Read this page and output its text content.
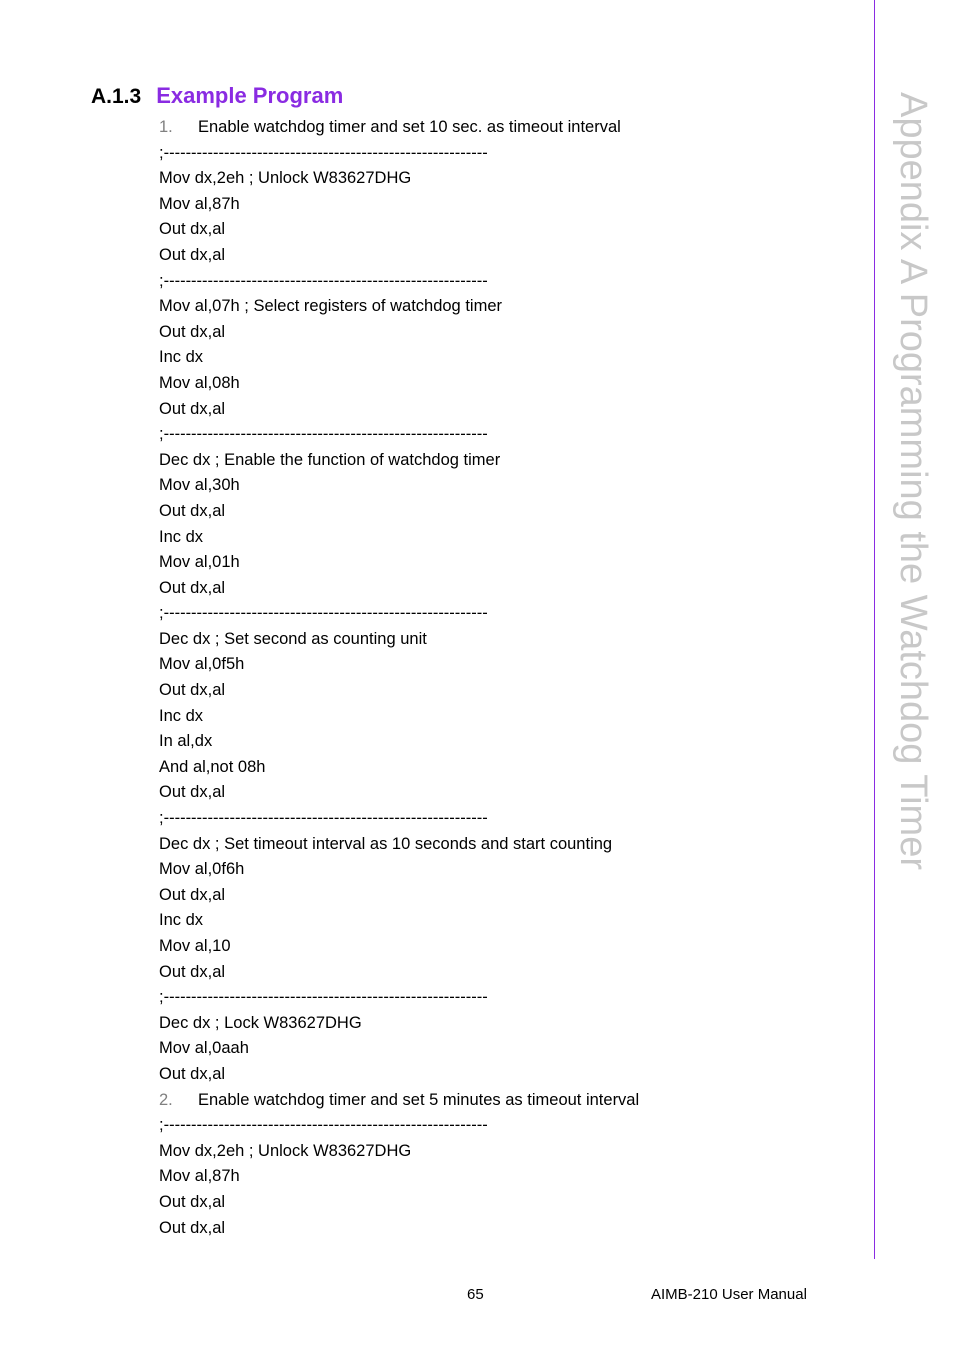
A.1.3 Example Program
1.	Enable watchdog timer and set 10 sec. as timeout interval
;-----------------------------------------------------------
Mov dx,2eh ; Unlock W83627DHG
Mov al,87h
Out dx,al
Out dx,al
;-----------------------------------------------------------
Mov al,07h ; Select registers of watchdog timer
Out dx,al
Inc dx
Mov al,08h
Out dx,al
;-----------------------------------------------------------
Dec dx ; Enable the function of watchdog timer
Mov al,30h
Out dx,al
Inc dx
Mov al,01h
Out dx,al
;-----------------------------------------------------------
Dec dx ; Set second as counting unit
Mov al,0f5h
Out dx,al
Inc dx
In al,dx
And al,not 08h
Out dx,al
;-----------------------------------------------------------
Dec dx ; Set timeout interval as 10 seconds and start counting
Mov al,0f6h
Out dx,al
Inc dx
Mov al,10
Out dx,al
;-----------------------------------------------------------
Dec dx ; Lock W83627DHG
Mov al,0aah
Out dx,al
2.	Enable watchdog timer and set 5 minutes as timeout interval
;-----------------------------------------------------------
Mov dx,2eh ; Unlock W83627DHG
Mov al,87h
Out dx,al
Out dx,al
Appendix A Programming the Watchdog Timer
65	AIMB-210 User Manual
